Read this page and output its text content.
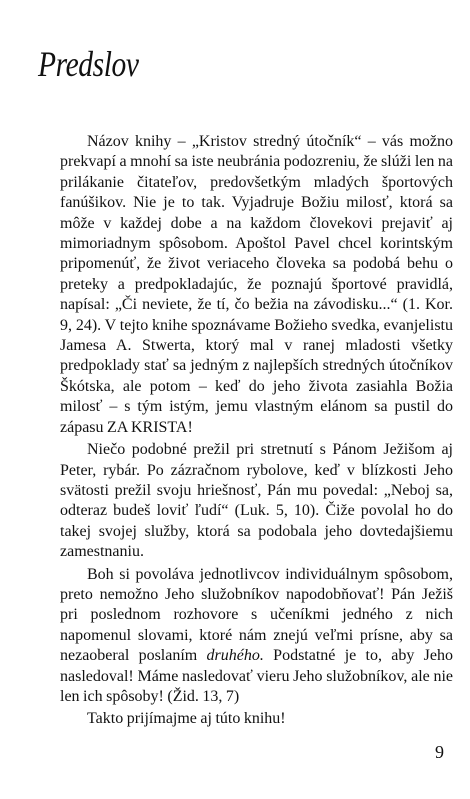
Predslov

Názov knihy – „Kristov stredný útočník“ – vás možno prekvapí a mnohí sa iste neubránia podozreniu, že slúži len na prilákanie čitateľov, predovšetkým mladých športových fanúšikov. Nie je to tak. Vyjadruje Božiu milosť, ktorá sa môže v každej dobe a na každom človekovi prejaviť aj mimoriadnym spôsobom. Apoštol Pavel chcel korintským pripomenúť, že život veriaceho človeka sa podobá behu o preteky a predpokladajúc, že poznajú športové pravidlá, napísal: „Či neviete, že tí, čo bežia na závodisku...“ (1. Kor. 9, 24). V tejto knihe spoznávame Božieho svedka, evanjelistu Jamesa A. Stwerta, ktorý mal v ranej mladosti všetky predpoklady stať sa jedným z najlepších stredných útočníkov Škótska, ale potom – keď do jeho života zasiahla Božia milosť – s tým istým, jemu vlastným elánom sa pustil do zápasu ZA KRISTA!

Niečo podobné prežil pri stretnutí s Pánom Ježišom aj Peter, rybár. Po zázračnom rybolove, keď v blízkosti Jeho svätosti prežil svoju hriešnosť, Pán mu povedal: „Neboj sa, odteraz budeš loviť ľudí“ (Luk. 5, 10). Čiže povolal ho do takej svojej služby, ktorá sa podobala jeho dovtedajšiemu zamestnaniu.

Boh si povoláva jednotlivcov individuálnym spôsobom, preto nemožno Jeho služobníkov napodobňovať! Pán Ježiš pri poslednom rozhovore s učeníkmi jedného z nich napomenul slovami, ktoré nám znejú veľmi prísne, aby sa nezaoberal poslaním druhého. Podstatné je to, aby Jeho nasledoval! Máme nasledovať vieru Jeho služobníkov, ale nie len ich spôsoby! (Žid. 13, 7)

Takto prijímajme aj túto knihu!

9
